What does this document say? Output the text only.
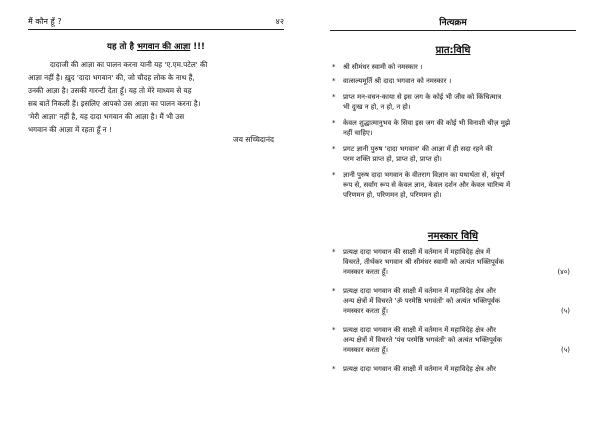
मैं कौन हूँ ?	४२
यह तो है भगवान की आज्ञा !!!
दादाजी की आज्ञा का पालन करना यानी यह 'ए.एम.पटेल' की
आज्ञा नहीं है। ख़ुद 'दादा भगवान' की, जो चौदह लोक के नाथ हैं,
उनकी आज्ञा है। उसकी गारन्टी देता हूँ। यह तो मेरे माध्यम से यह
सब बातें निकली हैं। इसलिए आपको उस आज्ञा का पालन करना है।
'मेरी आज्ञा' नहीं है, यह दादा भगवान की आज्ञा है। मैं भी उस
भगवान की आज्ञा में रहता हूँ न !
जय सच्चिदानंद
नित्यक्रम
प्रात:विधि
* श्री सीमंधर स्वामी को नमस्कार ।
* वात्सल्यमूर्ति श्री दादा भगवान को नमस्कार ।
* प्राप्त मन-वचन-काया से इस जग के कोई भी जीव को किंचित्मात्र
भी दुःख न हो, न हो, न हो।
* केवल शुद्धात्मानुभव के सिवा इस जग की कोई भी विनाशी चीज़ मुझे
नहीं चाहिए।
* प्रगट ज्ञानी पुरुष 'दादा भगवान' की आज्ञा में ही सदा रहने की
परम शक्ति प्राप्त हो, प्राप्त हो, प्राप्त हो।
* ज्ञानी पुरुष दादा भगवान के वीतराग विज्ञान का यथार्थता से, संपूर्ण
रूप से, सर्वांग रूप से केवल ज्ञान, केवल दर्शन और केवल चारित्र्य में
परिणमन हो, परिणमन हो, परिणमन हो।
नमस्कार विधि
* प्रत्यक्ष दादा भगवान की साक्षी में वर्तमान में महाविदेह क्षेत्र में
विचरते, तीर्थंकर भगवान श्री सीमंधर स्वामी को अत्यंत भक्तिपूर्वक
नमस्कार करता हूँ।	(४०)
* प्रत्यक्ष दादा भगवान की साक्षी में वर्तमान में महाविदेह क्षेत्र और
अन्य क्षेत्रों में विचरते 'ॐ परमेष्ठि भगवंतों' को अत्यंत भक्तिपूर्वक
नमस्कार करता हूँ।	(५)
* प्रत्यक्ष दादा भगवान की साक्षी में वर्तमान में महाविदेह क्षेत्र और
अन्य क्षेत्रों में विचरते 'पंच परमेष्ठि भगवंतों' को अत्यंत भक्तिपूर्वक
नमस्कार करता हूँ।	(५)
* प्रत्यक्ष दादा भगवान की साक्षी में वर्तमान में महाविदेह क्षेत्र और
